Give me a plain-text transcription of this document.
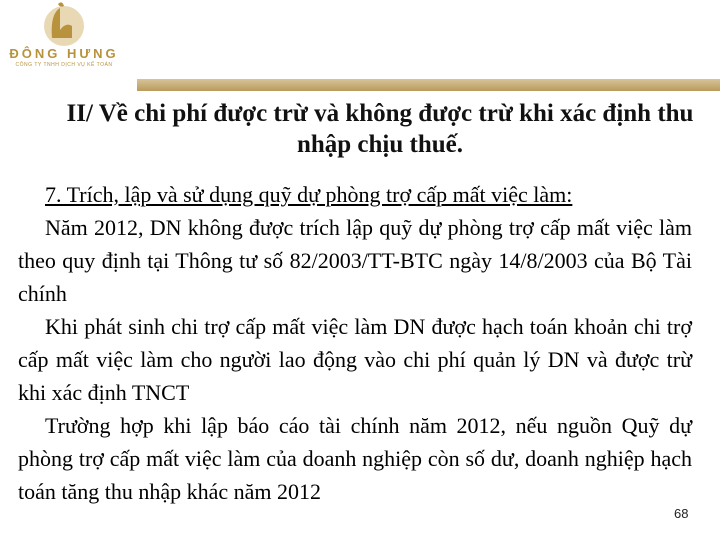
ĐÔNG HƯNG
CÔNG TY TNHH DỊCH VỤ KẾ TOÁN
II/ Về chi phí được trừ và không được trừ khi xác định thu nhập chịu thuế.

7. Trích, lập và sử dụng quỹ dự phòng trợ cấp mất việc làm:

Năm 2012, DN không được trích lập quỹ dự phòng trợ cấp mất việc làm theo quy định tại Thông tư số 82/2003/TT-BTC ngày 14/8/2003 của Bộ Tài chính

Khi phát sinh chi trợ cấp mất việc làm DN được hạch toán khoản chi trợ cấp mất việc làm cho người lao động vào chi phí quản lý DN và được trừ khi xác định TNCT

Trường hợp khi lập báo cáo tài chính năm 2012, nếu nguồn Quỹ dự phòng trợ cấp mất việc làm của doanh nghiệp còn số dư, doanh nghiệp hạch toán tăng thu nhập khác năm 2012

68
